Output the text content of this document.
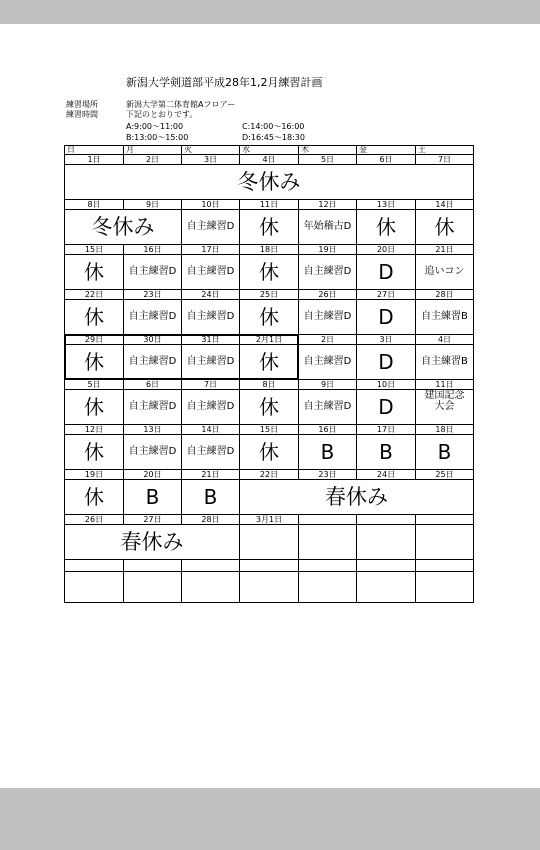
新潟大学剣道部平成28年1,2月練習計画
練習場所	新潟大学第二体育館Aフロアー
練習時間	下記のとおりです。
A:9:00～11:00
B:13:00～15:00
C:14:00～16:00
D:16:45～18:30
日	月	火	水	木	金	土
1日	2日	3日	4日	5日	6日	7日
冬休み
8日	9日	10日	11日	12日	13日	14日
冬休み	自主練習D	休	年始稽古D	休	休
15日	16日	17日	18日	19日	20日	21日
休	自主練習D	自主練習D	休	自主練習D	D	追いコン
22日	23日	24日	25日	26日	27日	28日
休	自主練習D	自主練習D	休	自主練習D	D	自主練習B
29日	30日	31日	2月1日	2日	3日	4日
休	自主練習D	自主練習D	休	自主練習D	D	自主練習B
5日	6日	7日	8日	9日	10日	11日
休	自主練習D	自主練習D	休	自主練習D	D	建国記念大会
12日	13日	14日	15日	16日	17日	18日
休	自主練習D	自主練習D	休	B	B	B
19日	20日	21日	22日	23日	24日	25日
休	B	B	春休み
26日	27日	28日	3月1日
春休み
